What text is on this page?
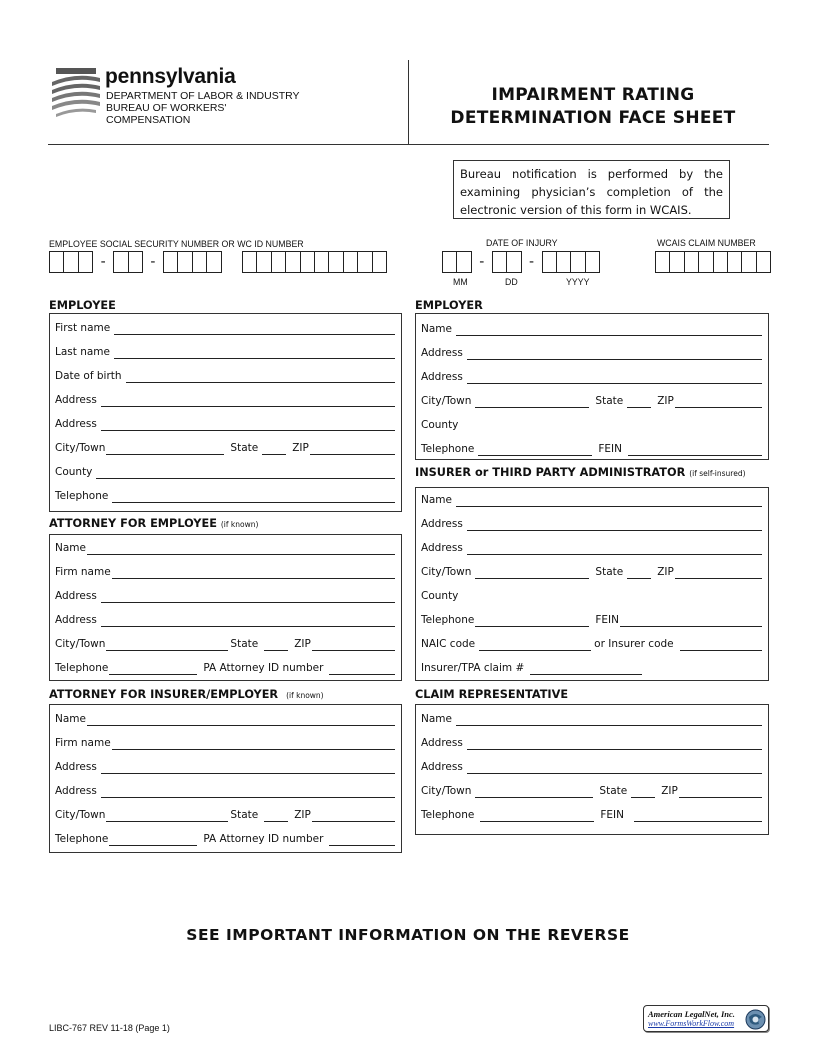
pennsylvania
DEPARTMENT OF LABOR & INDUSTRY
BUREAU OF WORKERS' COMPENSATION
IMPAIRMENT RATING
DETERMINATION FACE SHEET
Bureau notification is performed by the examining physician’s completion of the electronic version of this form in WCAIS.
EMPLOYEE SOCIAL SECURITY NUMBER OR WC ID NUMBER	DATE OF INJURY	WCAIS CLAIM NUMBER
-	-	-	-
MM	DD	YYYY
EMPLOYEE
First name
Last name
Date of birth
Address
Address
City/Town	State	ZIP
County
Telephone
EMPLOYER
Name
Address
Address
City/Town	State	ZIP
County
Telephone	FEIN
INSURER or THIRD PARTY ADMINISTRATOR (if self-insured)
Name
Address
Address
City/Town	State	ZIP
County
Telephone	FEIN
NAIC code	or Insurer code
Insurer/TPA claim #
ATTORNEY FOR EMPLOYEE (if known)
Name
Firm name
Address
Address
City/Town	State	ZIP
Telephone	PA Attorney ID number
ATTORNEY FOR INSURER/EMPLOYER (if known)
Name
Firm name
Address
Address
City/Town	State	ZIP
Telephone	PA Attorney ID number
CLAIM REPRESENTATIVE
Name
Address
Address
City/Town	State	ZIP
Telephone	FEIN
SEE IMPORTANT INFORMATION ON THE REVERSE
LIBC-767 REV 11-18 (Page 1)
American LegalNet, Inc.
www.FormsWorkFlow.com
